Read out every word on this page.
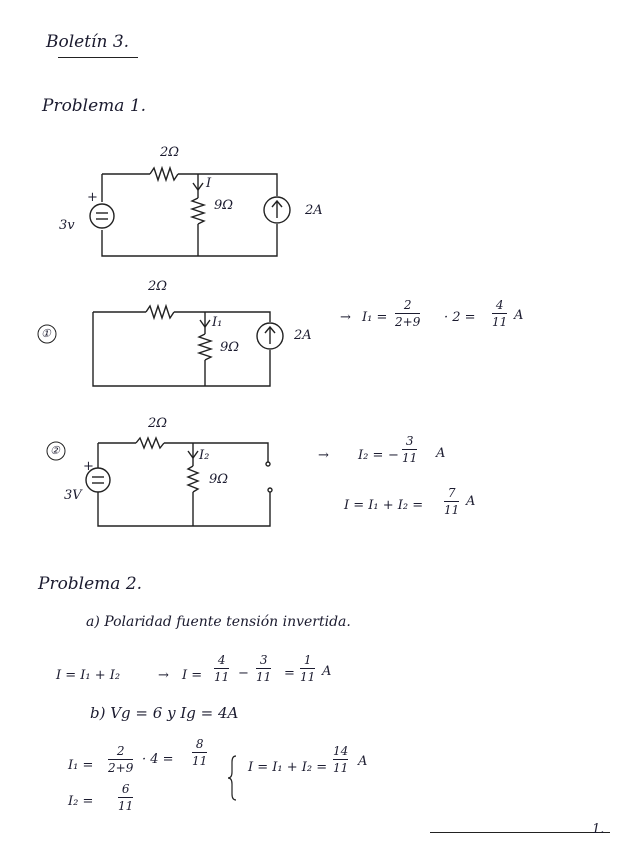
Boletín 3.
Problema 1.
2Ω
9Ω
3v
+
2A
I
①
2Ω
9Ω
2A
I₁	→ I₁ =
2
2+9 · 2 =
4
11 A
②
2Ω
9Ω
3V
+
I₂	→ I₂ = −
3
11 A
I = I₁ + I₂ =
7
11
A
Problema 2.
a) Polaridad fuente tensión invertida.
I = I₁ + I₂	→ I =
4
11 −
3
11 =
1
11 A
b) Vg = 6 y Ig = 4A
I₁ =
2
2+9
· 4 =
8
11	I = I₁ + I₂ =
14
11 A
I₂ =
6
11
1.
